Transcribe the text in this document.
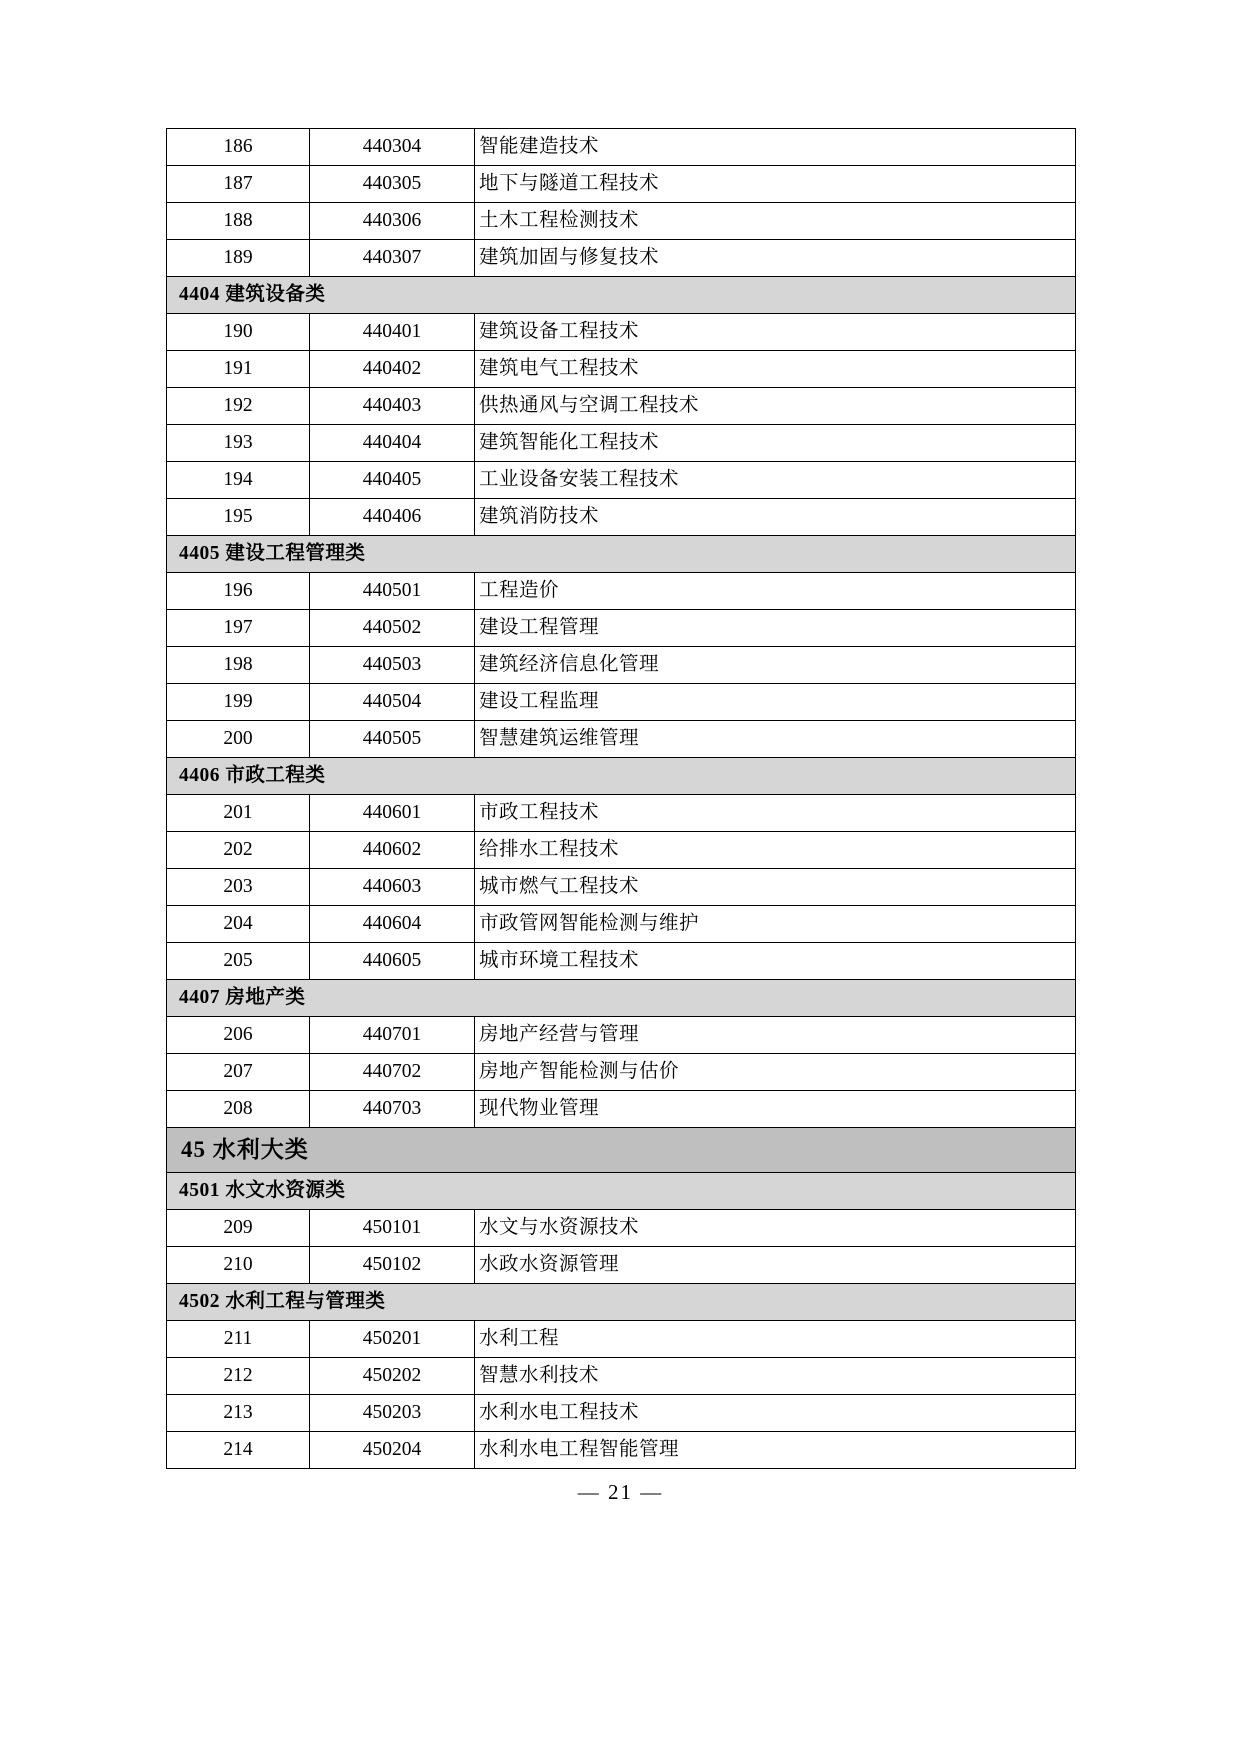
186	440304	智能建造技术
187	440305	地下与隧道工程技术
188	440306	土木工程检测技术
189	440307	建筑加固与修复技术
4404 建筑设备类		
190	440401	建筑设备工程技术
191	440402	建筑电气工程技术
192	440403	供热通风与空调工程技术
193	440404	建筑智能化工程技术
194	440405	工业设备安装工程技术
195	440406	建筑消防技术
4405 建设工程管理类		
196	440501	工程造价
197	440502	建设工程管理
198	440503	建筑经济信息化管理
199	440504	建设工程监理
200	440505	智慧建筑运维管理
4406 市政工程类		
201	440601	市政工程技术
202	440602	给排水工程技术
203	440603	城市燃气工程技术
204	440604	市政管网智能检测与维护
205	440605	城市环境工程技术
4407 房地产类		
206	440701	房地产经营与管理
207	440702	房地产智能检测与估价
208	440703	现代物业管理
45 水利大类		
4501 水文水资源类		
209	450101	水文与水资源技术
210	450102	水政水资源管理
4502 水利工程与管理类		
211	450201	水利工程
212	450202	智慧水利技术
213	450203	水利水电工程技术
214	450204	水利水电工程智能管理
— 21 —
